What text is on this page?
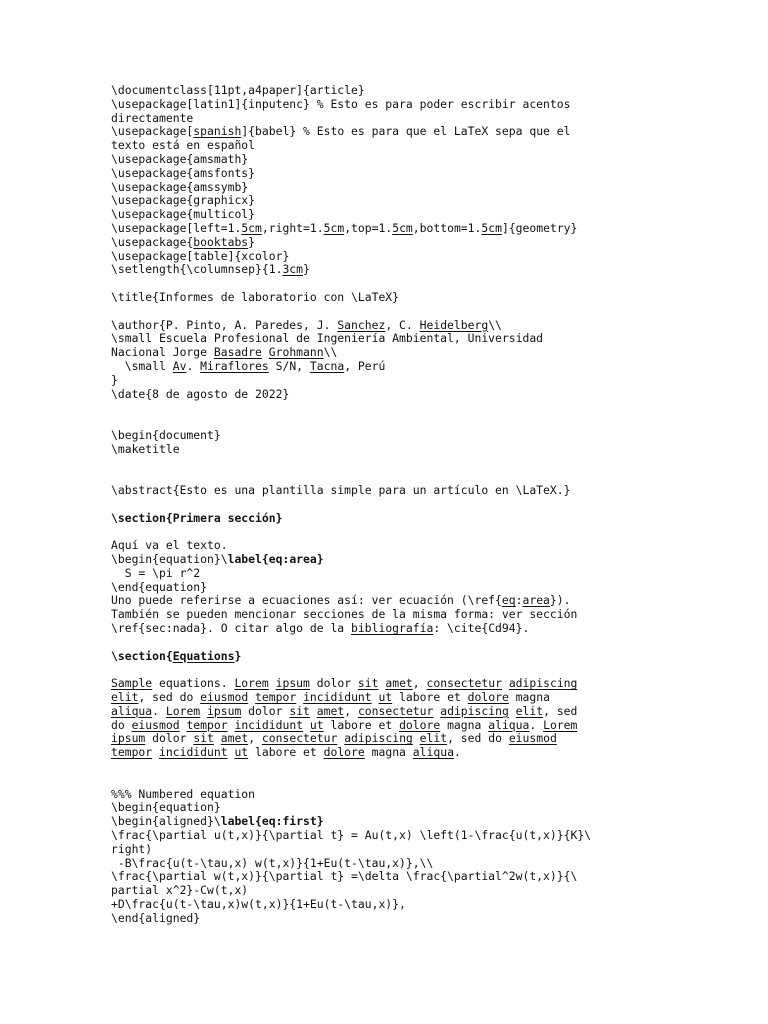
\documentclass[11pt,a4paper]{article}
\usepackage[latin1]{inputenc} % Esto es para poder escribir acentos
directamente
\usepackage[spanish]{babel} % Esto es para que el LaTeX sepa que el
texto está en español
\usepackage{amsmath}
\usepackage{amsfonts}
\usepackage{amssymb}
\usepackage{graphicx}
\usepackage{multicol}
\usepackage[left=1.5cm,right=1.5cm,top=1.5cm,bottom=1.5cm]{geometry}
\usepackage{booktabs}
\usepackage[table]{xcolor}
\setlength{\columnsep}{1.3cm}
\title{Informes de laboratorio con \LaTeX}
\author{P. Pinto, A. Paredes, J. Sanchez, C. Heidelberg\\
\small Escuela Profesional de Ingeniería Ambiental, Universidad
Nacional Jorge Basadre Grohmann\\
\small Av. Miraflores S/N, Tacna, Perú
}
\date{8 de agosto de 2022}
\begin{document}
\maketitle
\abstract{Esto es una plantilla simple para un artículo en \LaTeX.}
\section{Primera sección}
Aquí va el texto.
\begin{equation}\label{eq:area}
S = \pi r^2
\end{equation}
Uno puede referirse a ecuaciones así: ver ecuación (\ref{eq:area}).
También se pueden mencionar secciones de la misma forma: ver sección
\ref{sec:nada}. O citar algo de la bibliografía: \cite{Cd94}.
\section{Equations}
Sample equations. Lorem ipsum dolor sit amet, consectetur adipiscing
elit, sed do eiusmod tempor incididunt ut labore et dolore magna
aliqua. Lorem ipsum dolor sit amet, consectetur adipiscing elit, sed
do eiusmod tempor incididunt ut labore et dolore magna aliqua. Lorem
ipsum dolor sit amet, consectetur adipiscing elit, sed do eiusmod
tempor incididunt ut labore et dolore magna aliqua.
%%% Numbered equation
\begin{equation}
\begin{aligned}\label{eq:first}
\frac{\partial u(t,x)}{\partial t} = Au(t,x) \left(1-\frac{u(t,x)}{K}\
right)
-B\frac{u(t-\tau,x) w(t,x)}{1+Eu(t-\tau,x)},\\
\frac{\partial w(t,x)}{\partial t} =\delta \frac{\partial^2w(t,x)}{\
partial x^2}-Cw(t,x)
+D\frac{u(t-\tau,x)w(t,x)}{1+Eu(t-\tau,x)},
\end{aligned}
